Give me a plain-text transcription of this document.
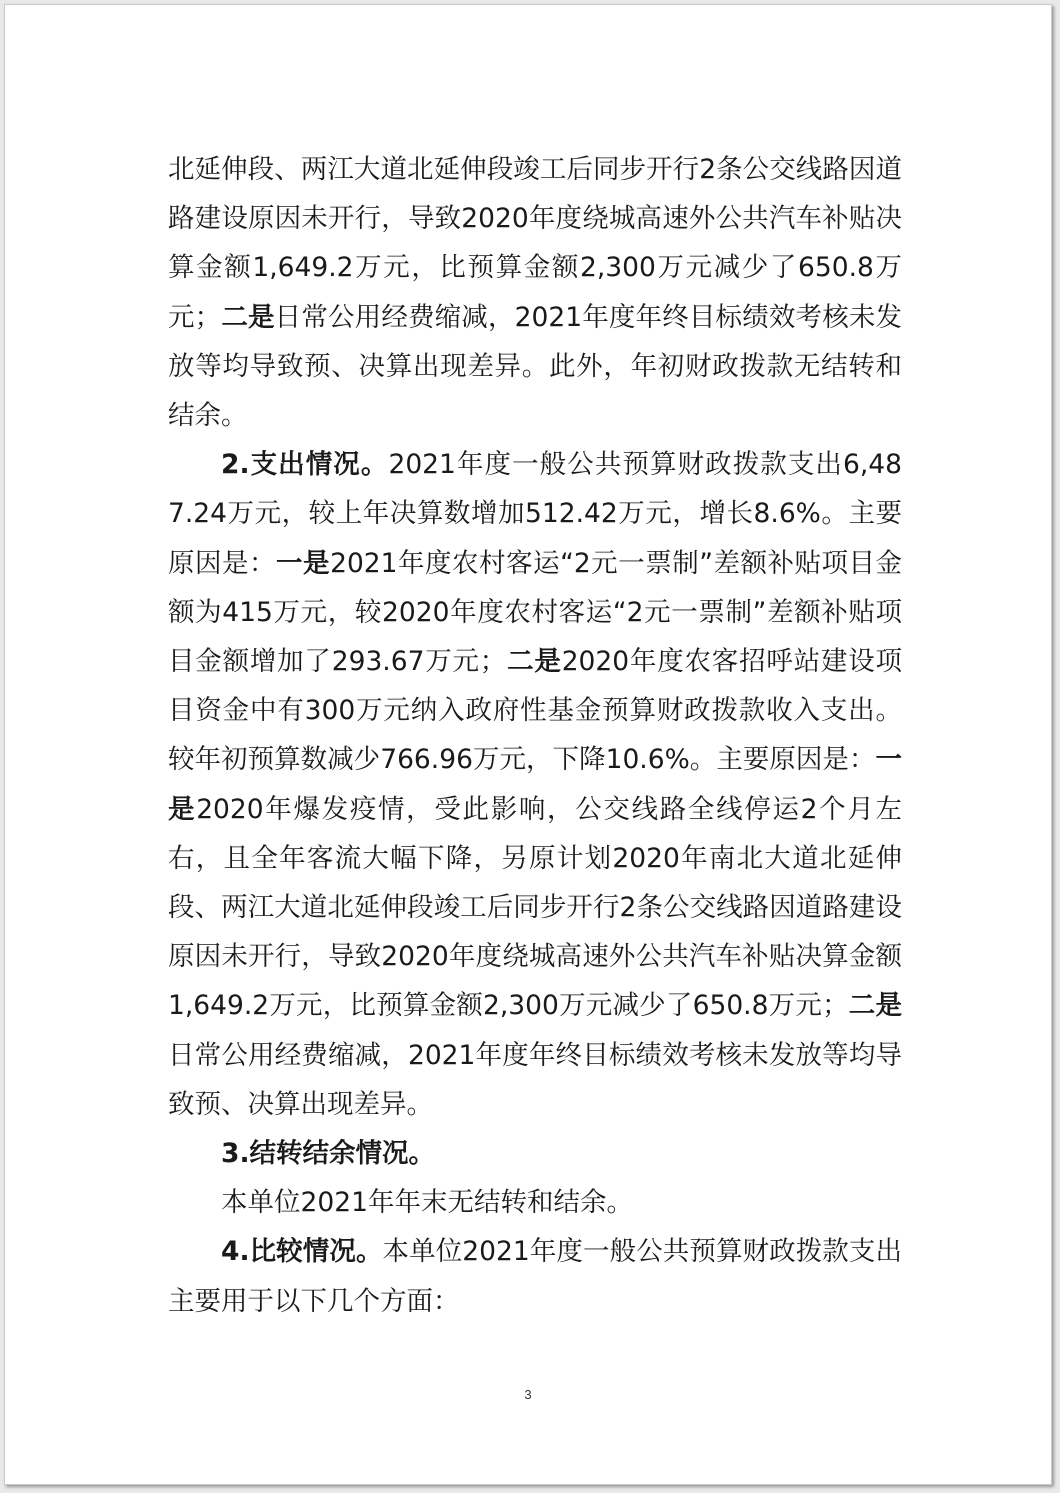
北延伸段、两江大道北延伸段竣工后同步开行2条公交线路因道路建设原因未开行，导致2020年度绕城高速外公共汽车补贴决算金额1,649.2万元，比预算金额2,300万元减少了650.8万元；二是日常公用经费缩减，2021年度年终目标绩效考核未发放等均导致预、决算出现差异。此外，年初财政拨款无结转和结余。

2.支出情况。2021年度一般公共预算财政拨款支出6,487.24万元，较上年决算数增加512.42万元，增长8.6%。主要原因是：一是2021年度农村客运“2元一票制”差额补贴项目金额为415万元，较2020年度农村客运“2元一票制”差额补贴项目金额增加了293.67万元；二是2020年度农客招呼站建设项目资金中有300万元纳入政府性基金预算财政拨款收入支出。较年初预算数减少766.96万元，下降10.6%。主要原因是：一是2020年爆发疫情，受此影响，公交线路全线停运2个月左右，且全年客流大幅下降，另原计划2020年南北大道北延伸段、两江大道北延伸段竣工后同步开行2条公交线路因道路建设原因未开行，导致2020年度绕城高速外公共汽车补贴决算金额1,649.2万元，比预算金额2,300万元减少了650.8万元；二是日常公用经费缩减，2021年度年终目标绩效考核未发放等均导致预、决算出现差异。

3.结转结余情况。

本单位2021年年末无结转和结余。

4.比较情况。本单位2021年度一般公共预算财政拨款支出主要用于以下几个方面：

3
